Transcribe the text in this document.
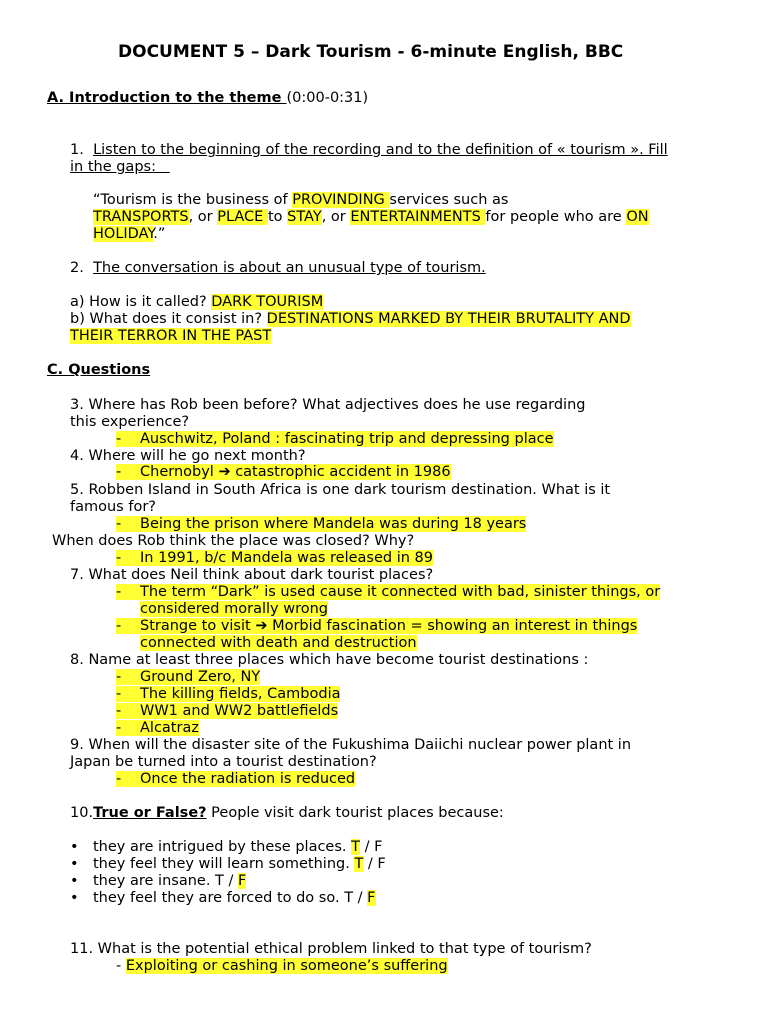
DOCUMENT 5 – Dark Tourism - 6-minute English, BBC
A. Introduction to the theme (0:00-0:31)
1. Listen to the beginning of the recording and to the definition of « tourism ». Fill
in the gaps:
“Tourism is the business of PROVINDING services such as
TRANSPORTS, or PLACE to STAY, or ENTERTAINMENTS for people who are ON
HOLIDAY.”
2. The conversation is about an unusual type of tourism.
a) How is it called? DARK TOURISM
b) What does it consist in? DESTINATIONS MARKED BY THEIR BRUTALITY AND
THEIR TERROR IN THE PAST
C. Questions
3. Where has Rob been before? What adjectives does he use regarding
this experience?
- Auschwitz, Poland : fascinating trip and depressing place
4. Where will he go next month?
- Chernobyl ➔ catastrophic accident in 1986
5. Robben Island in South Africa is one dark tourism destination. What is it
famous for?
- Being the prison where Mandela was during 18 years
When does Rob think the place was closed? Why?
- In 1991, b/c Mandela was released in 89
7. What does Neil think about dark tourist places?
- The term “Dark” is used cause it connected with bad, sinister things, or
considered morally wrong
- Strange to visit ➔ Morbid fascination = showing an interest in things
connected with death and destruction
8. Name at least three places which have become tourist destinations :
- Ground Zero, NY
- The killing fields, Cambodia
- WW1 and WW2 battlefields
- Alcatraz
9. When will the disaster site of the Fukushima Daiichi nuclear power plant in
Japan be turned into a tourist destination?
- Once the radiation is reduced
10.True or False? People visit dark tourist places because:
• they are intrigued by these places. T / F
• they feel they will learn something. T / F
• they are insane. T / F
• they feel they are forced to do so. T / F
11. What is the potential ethical problem linked to that type of tourism?
- Exploiting or cashing in someone’s suffering
